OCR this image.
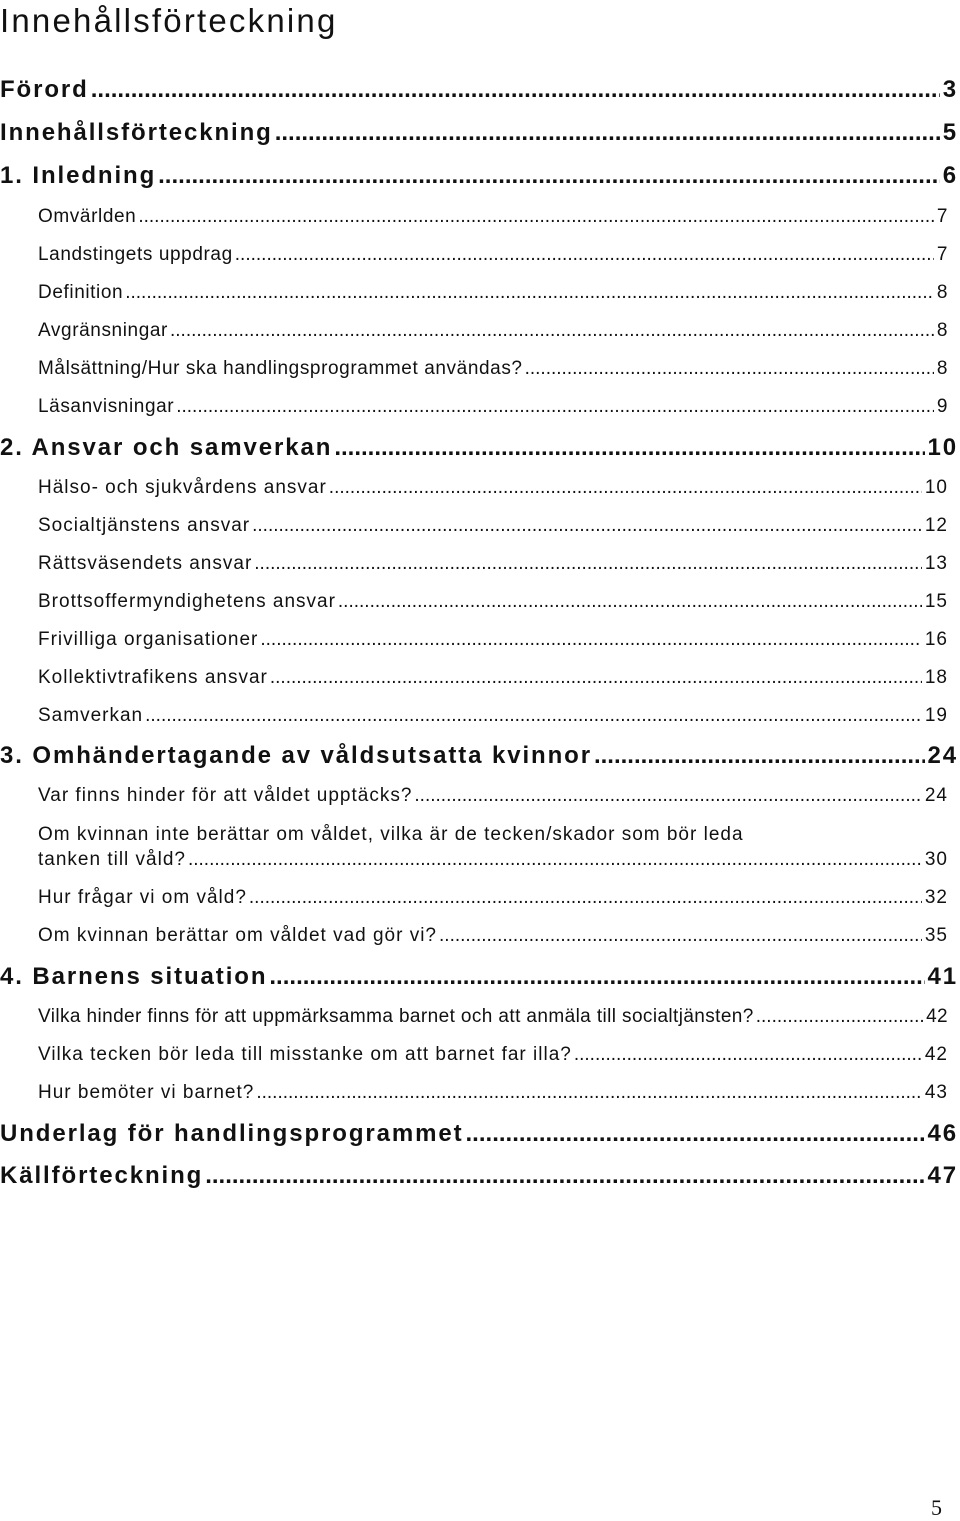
Innehållsförteckning
Förord .....	3
Innehållsförteckning .....	5
1. Inledning .....	6
Omvärlden .....	7
Landstingets uppdrag .....	7
Definition .....	8
Avgränsningar .....	8
Målsättning/Hur ska handlingsprogrammet användas? .....	8
Läsanvisningar .....	9
2. Ansvar och samverkan .....	10
Hälso- och sjukvårdens ansvar .....	10
Socialtjänstens ansvar .....	12
Rättsväsendets ansvar .....	13
Brottsoffermyndighetens ansvar .....	15
Frivilliga organisationer .....	16
Kollektivtrafikens ansvar .....	18
Samverkan .....	19
3. Omhändertagande av våldsutsatta kvinnor .....	24
Var finns hinder för att våldet upptäcks? .....	24
Om kvinnan inte berättar om våldet, vilka är de tecken/skador som bör leda
tanken till våld? .....	30
Hur frågar vi om våld? .....	32
Om kvinnan berättar om våldet vad gör vi? .....	35
4. Barnens situation .....	41
Vilka hinder finns för att uppmärksamma barnet och att anmäla till socialtjänsten? .....	42
Vilka tecken bör leda till misstanke om att barnet far illa? .....	42
Hur bemöter vi barnet? .....	43
Underlag för handlingsprogrammet .....	46
Källförteckning .....	47
5
